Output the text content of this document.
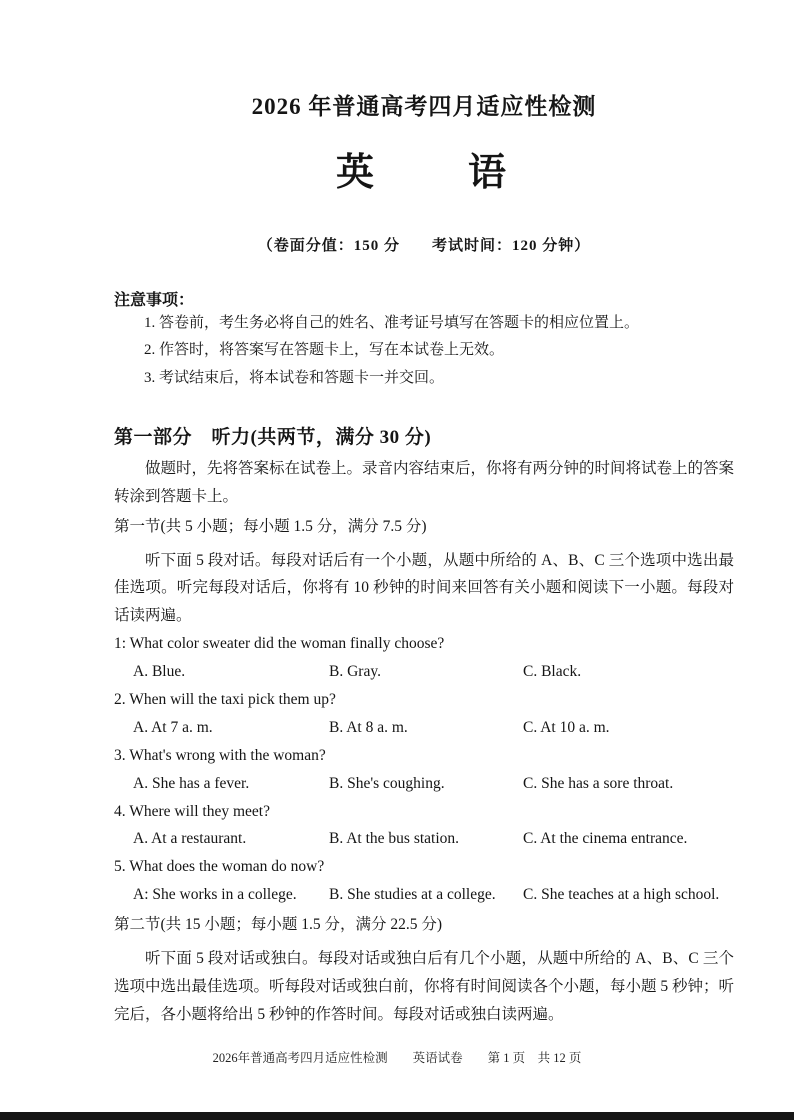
2026 年普通高考四月适应性检测
英　　语
（卷面分值：150 分　　考试时间：120 分钟）
注意事项：
1. 答卷前，考生务必将自己的姓名、准考证号填写在答题卡的相应位置上。
2. 作答时，将答案写在答题卡上，写在本试卷上无效。
3. 考试结束后，将本试卷和答题卡一并交回。
第一部分　听力(共两节，满分 30 分)
做题时，先将答案标在试卷上。录音内容结束后，你将有两分钟的时间将试卷上的答案转涂到答题卡上。
第一节(共 5 小题；每小题 1.5 分，满分 7.5 分)
听下面 5 段对话。每段对话后有一个小题，从题中所给的 A、B、C 三个选项中选出最佳选项。听完每段对话后，你将有 10 秒钟的时间来回答有关小题和阅读下一小题。每段对话读两遍。
1: What color sweater did the woman finally choose?
A. Blue.	B. Gray.	C. Black.
2. When will the taxi pick them up?
A. At 7 a. m.	B. At 8 a. m.	C. At 10 a. m.
3. What's wrong with the woman?
A. She has a fever.	B. She's coughing.	C. She has a sore throat.
4. Where will they meet?
A. At a restaurant.	B. At the bus station.	C. At the cinema entrance.
5. What does the woman do now?
A: She works in a college.	B. She studies at a college.	C. She teaches at a high school.
第二节(共 15 小题；每小题 1.5 分，满分 22.5 分)
听下面 5 段对话或独白。每段对话或独白后有几个小题，从题中所给的 A、B、C 三个选项中选出最佳选项。听每段对话或独白前，你将有时间阅读各个小题，每小题 5 秒钟；听完后，各小题将给出 5 秒钟的作答时间。每段对话或独白读两遍。
2026年普通高考四月适应性检测　　英语试卷　　第 1 页　共 12 页
